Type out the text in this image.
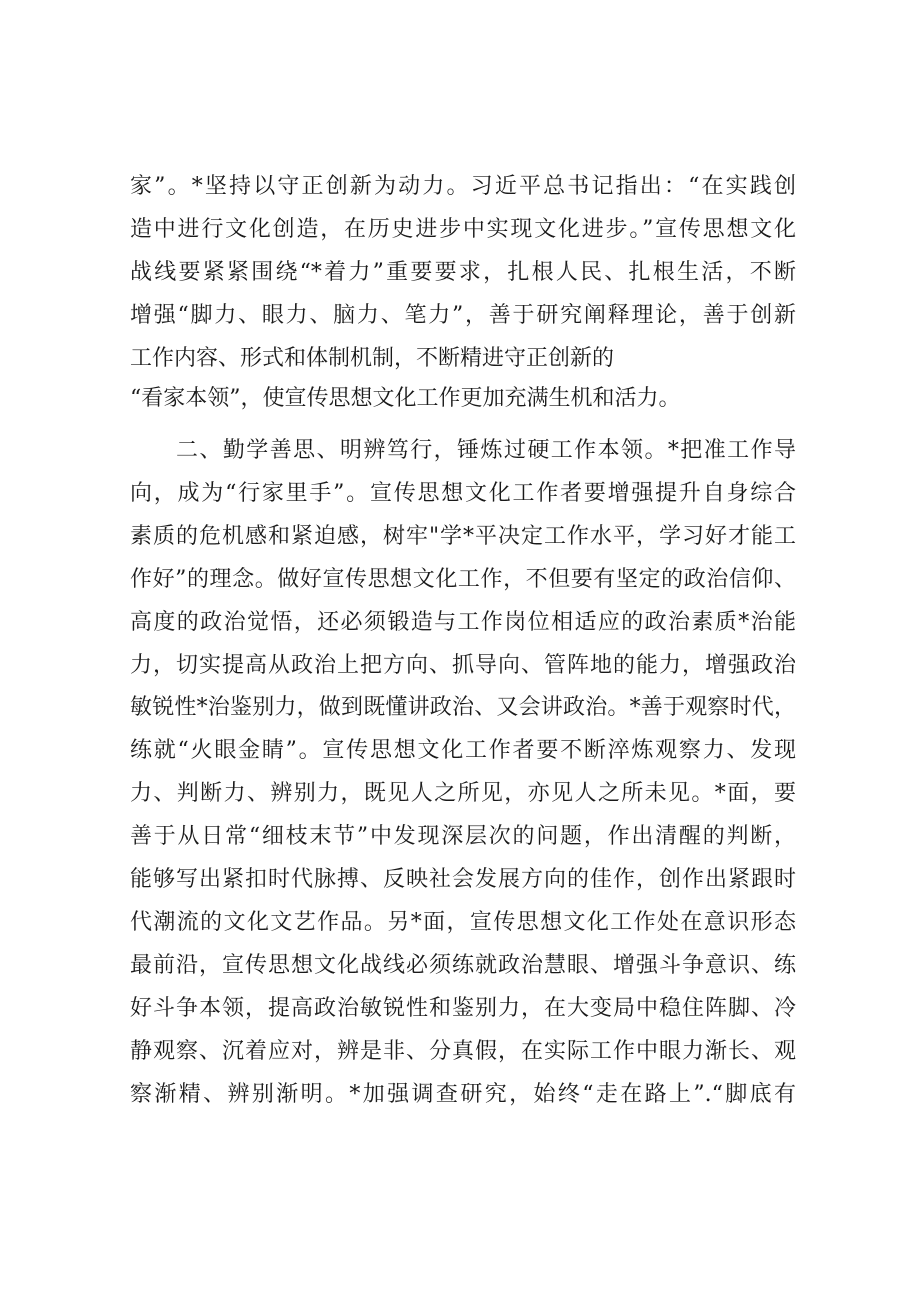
家”。*坚持以守正创新为动力。习近平总书记指出：“在实践创
造中进行文化创造，在历史进步中实现文化进步。”宣传思想文化
战线要紧紧围绕“*着力”重要要求，扎根人民、扎根生活，不断
增强“脚力、眼力、脑力、笔力”，善于研究阐释理论，善于创新
工作内容、形式和体制机制，不断精进守正创新的
“看家本领”，使宣传思想文化工作更加充满生机和活力。
二、勤学善思、明辨笃行，锤炼过硬工作本领。*把准工作导
向，成为“行家里手”。宣传思想文化工作者要增强提升自身综合
素质的危机感和紧迫感，树牢"学*平决定工作水平，学习好才能工
作好”的理念。做好宣传思想文化工作，不但要有坚定的政治信仰、
高度的政治觉悟，还必须锻造与工作岗位相适应的政治素质*治能
力，切实提高从政治上把方向、抓导向、管阵地的能力，增强政治
敏锐性*治鉴别力，做到既懂讲政治、又会讲政治。*善于观察时代，
练就“火眼金睛”。宣传思想文化工作者要不断淬炼观察力、发现
力、判断力、辨别力，既见人之所见，亦见人之所未见。*面，要
善于从日常“细枝末节”中发现深层次的问题，作出清醒的判断，
能够写出紧扣时代脉搏、反映社会发展方向的佳作，创作出紧跟时
代潮流的文化文艺作品。另*面，宣传思想文化工作处在意识形态
最前沿，宣传思想文化战线必须练就政治慧眼、增强斗争意识、练
好斗争本领，提高政治敏锐性和鉴别力，在大变局中稳住阵脚、冷
静观察、沉着应对，辨是非、分真假，在实际工作中眼力渐长、观
察渐精、辨别渐明。*加强调查研究，始终“走在路上”.“脚底有
